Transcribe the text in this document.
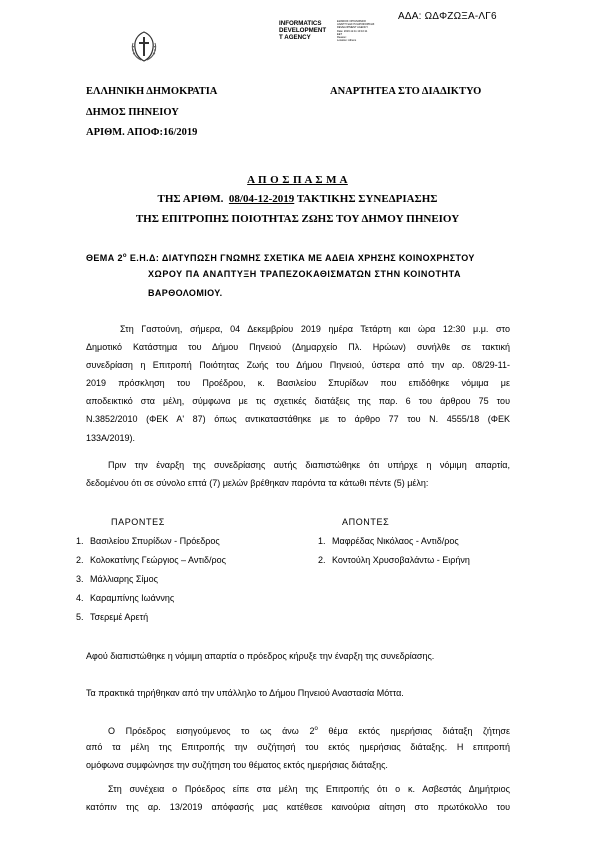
ΑΔΑ: ΩΔΦΖΩΞΑ-ΛΓ6
INFORMATICS
DEVELOPMENT
T AGENCY
ΕΘΝΙΚΟΣ ΟΡΓΑΝΙΣΜΟΣ
ΑΝΑΠΤΥΞΗΣ ΠΛΗΡΟΦΟΡΙΚΗΣ
DEVELOPMENT AGENCY
Date: 2019.12.11 13:10:11
EET
Reason:
Location: Athens
ΕΛΛΗΝΙΚΗ ΔΗΜΟΚΡΑΤΙΑ
ΔΗΜΟΣ ΠΗΝΕΙΟΥ
ΑΡΙΘΜ. ΑΠΟΦ:16/2019
ΑΝΑΡΤΗΤΕΑ ΣΤΟ ΔΙΑΔΙΚΤΥΟ
Α Π Ο Σ Π Α Σ Μ Α
ΤΗΣ ΑΡΙΘΜ. 08/04-12-2019 ΤΑΚΤΙΚΗΣ ΣΥΝΕΔΡΙΑΣΗΣ
ΤΗΣ ΕΠΙΤΡΟΠΗΣ ΠΟΙΟΤΗΤΑΣ ΖΩΗΣ ΤΟΥ ΔΗΜΟΥ ΠΗΝΕΙΟΥ
ΘΕΜΑ $2^o$ Ε.Η.Δ: ΔΙΑΤΥΠΩΣΗ ΓΝΩΜΗΣ ΣΧΕΤΙΚΑ ΜΕ ΑΔΕΙΑ ΧΡΗΣΗΣ ΚΟΙΝΟΧΡΗΣΤΟΥ
ΧΩΡΟΥ ΠΑ ΑΝΑΠΤΥΞΗ ΤΡΑΠΕΖΟΚΑΘΙΣΜΑΤΩΝ ΣΤΗΝ ΚΟΙΝΟΤΗΤΑ
ΒΑΡΘΟΛΟΜΙΟΥ.
Στη Γαστούνη, σήμερα, 04 Δεκεμβρίου 2019 ημέρα Τετάρτη και ώρα 12:30 μ.μ. στο
Δημοτικό Κατάστημα του Δήμου Πηνειού (Δημαρχείο Πλ. Ηρώων) συνήλθε σε τακτική
συνεδρίαση η Επιτροπή Ποιότητας Ζωής του Δήμου Πηνειού, ύστερα από την αρ. 08/29-11-
2019 πρόσκληση του Προέδρου, κ. Βασιλείου Σπυρίδων που επιδόθηκε νόμιμα με
αποδεικτικό στα μέλη, σύμφωνα με τις σχετικές διατάξεις της παρ. 6 του άρθρου 75 του
Ν.3852/2010 (ΦΕΚ Α' 87) όπως αντικαταστάθηκε με το άρθρο 77 του Ν. 4555/18 (ΦΕΚ
133Α/2019).
Πριν την έναρξη της συνεδρίασης αυτής διαπιστώθηκε ότι υπήρχε η νόμιμη απαρτία,
δεδομένου ότι σε σύνολο επτά (7) μελών βρέθηκαν παρόντα τα κάτωθι πέντε (5) μέλη:
ΠΑΡΟΝΤΕΣ
1. Βασιλείου Σπυρίδων - Πρόεδρος
2. Κολοκατίνης Γεώργιος – Αντιδ/ρος
3. Μάλλιαρης Σίμος
4. Καραμπίνης Ιωάννης
5. Τσερεμέ Αρετή
ΑΠΟΝΤΕΣ
1. Μαφρέδας Νικόλαος - Αντιδ/ρος
2. Κοντούλη Χρυσοβαλάντω - Ειρήνη
Αφού διαπιστώθηκε η νόμιμη απαρτία ο πρόεδρος κήρυξε την έναρξη της συνεδρίασης.
Τα πρακτικά τηρήθηκαν από την υπάλληλο το Δήμου Πηνειού Αναστασία Μόττα.
Ο Πρόεδρος εισηγούμενος το ως άνω $2^o$ θέμα εκτός ημερήσιας διάταξη ζήτησε
από τα μέλη της Επιτροπής την συζήτησή του εκτός ημερήσιας διάταξης. Η επιτροπή
ομόφωνα συμφώνησε την συζήτηση του θέματος εκτός ημερήσιας διάταξης.
Στη συνέχεια ο Πρόεδρος είπε στα μέλη της Επιτροπής ότι ο κ. Ασβεστάς Δημήτριος
κατόπιν της αρ. 13/2019 απόφασής μας κατέθεσε καινούρια αίτηση στο πρωτόκολλο του
